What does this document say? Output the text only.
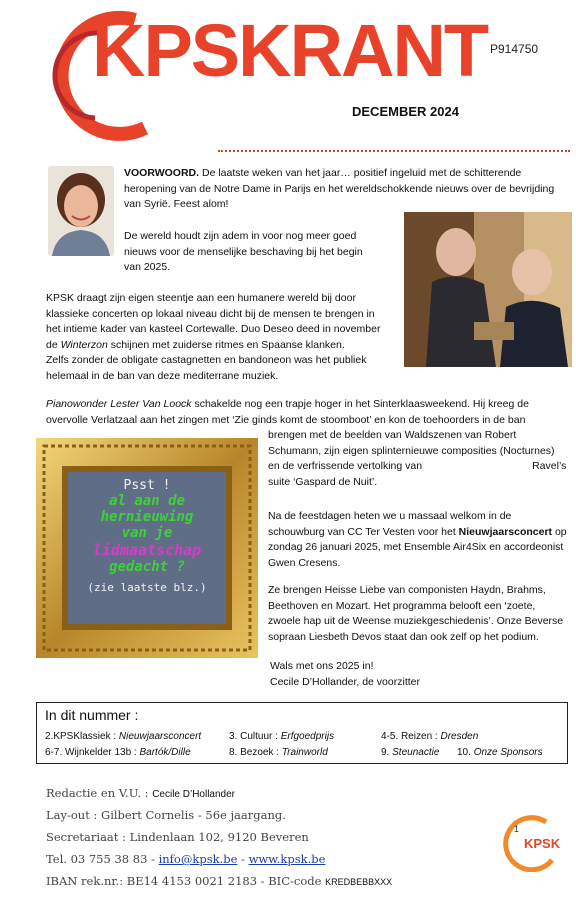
KPSKRANT P914750
DECEMBER 2024
VOORWOORD. De laatste weken van het jaar… positief ingeluid met de schitterende
heropening van de Notre Dame in Parijs en het wereldschokkende nieuws over de bevrijding
van Syrië. Feest alom!
De wereld houdt zijn adem in voor nog meer goed
nieuws voor de menselijke beschaving bij het begin
van 2025.
KPSK draagt zijn eigen steentje aan een humanere wereld bij door
klassieke concerten op lokaal niveau dicht bij de mensen te brengen in
het intieme kader van kasteel Cortewalle. Duo Deseo deed in november
de Winterzon schijnen met zuiderse ritmes en Spaanse klanken.
Zelfs zonder de obligate castagnetten en bandoneon was het publiek
helemaal in de ban van deze mediterrane muziek.
Pianowonder Lester Van Loock schakelde nog een trapje hoger in het Sinterklaasweekend. Hij kreeg de
overvolle Verlatzaal aan het zingen met ‘Zie ginds komt de stoomboot’ en kon de toehoorders in de ban
brengen met de beelden van Waldszenen van Robert
Schumann, zijn eigen splinternieuwe composities (Nocturnes)
en de verfrissende vertolking van	Ravel’s
suite ‘Gaspard de Nuit’.
Na de feestdagen heten we u massaal welkom in de
schouwburg van CC Ter Vesten voor het Nieuwjaarsconcert op
zondag 26 januari 2025, met Ensemble Air4Six en accordeonist
Gwen Cresens.
Ze brengen Heisse Liebe van componisten Haydn, Brahms,
Beethoven en Mozart. Het programma belooft een ‘zoete,
zwoele hap uit de Weense muziekgeschiedenis’. Onze Beverse
sopraan Liesbeth Devos staat dan ook zelf op het podium.
Wals met ons 2025 in!
Cecile D’Hollander, de voorzitter
Psst !
al aan de
hernieuwing
van je
lidmaatschap
gedacht ?
(zie laatste blz.)
In dit nummer :
2.KPSKlassiek : Nieuwjaarsconcert	3. Cultuur : Erfgoedprijs	4-5. Reizen : Dresden
6-7. Wijnkelder 13b : Bartók/Dille	8. Bezoek : Trainworld	9. Steunactie 10. Onze Sponsors
Redactie en V.U. : Cecile D’Hollander
Lay-out : Gilbert Cornelis - 56e jaargang.
Secretariaat : Lindenlaan 102, 9120 Beveren
Tel. 03 755 38 83 - info@kpsk.be - www.kpsk.be
IBAN rek.nr.: BE14 4153 0021 2183 - BIC-code KREDBEBBXXX
1
KPSK
